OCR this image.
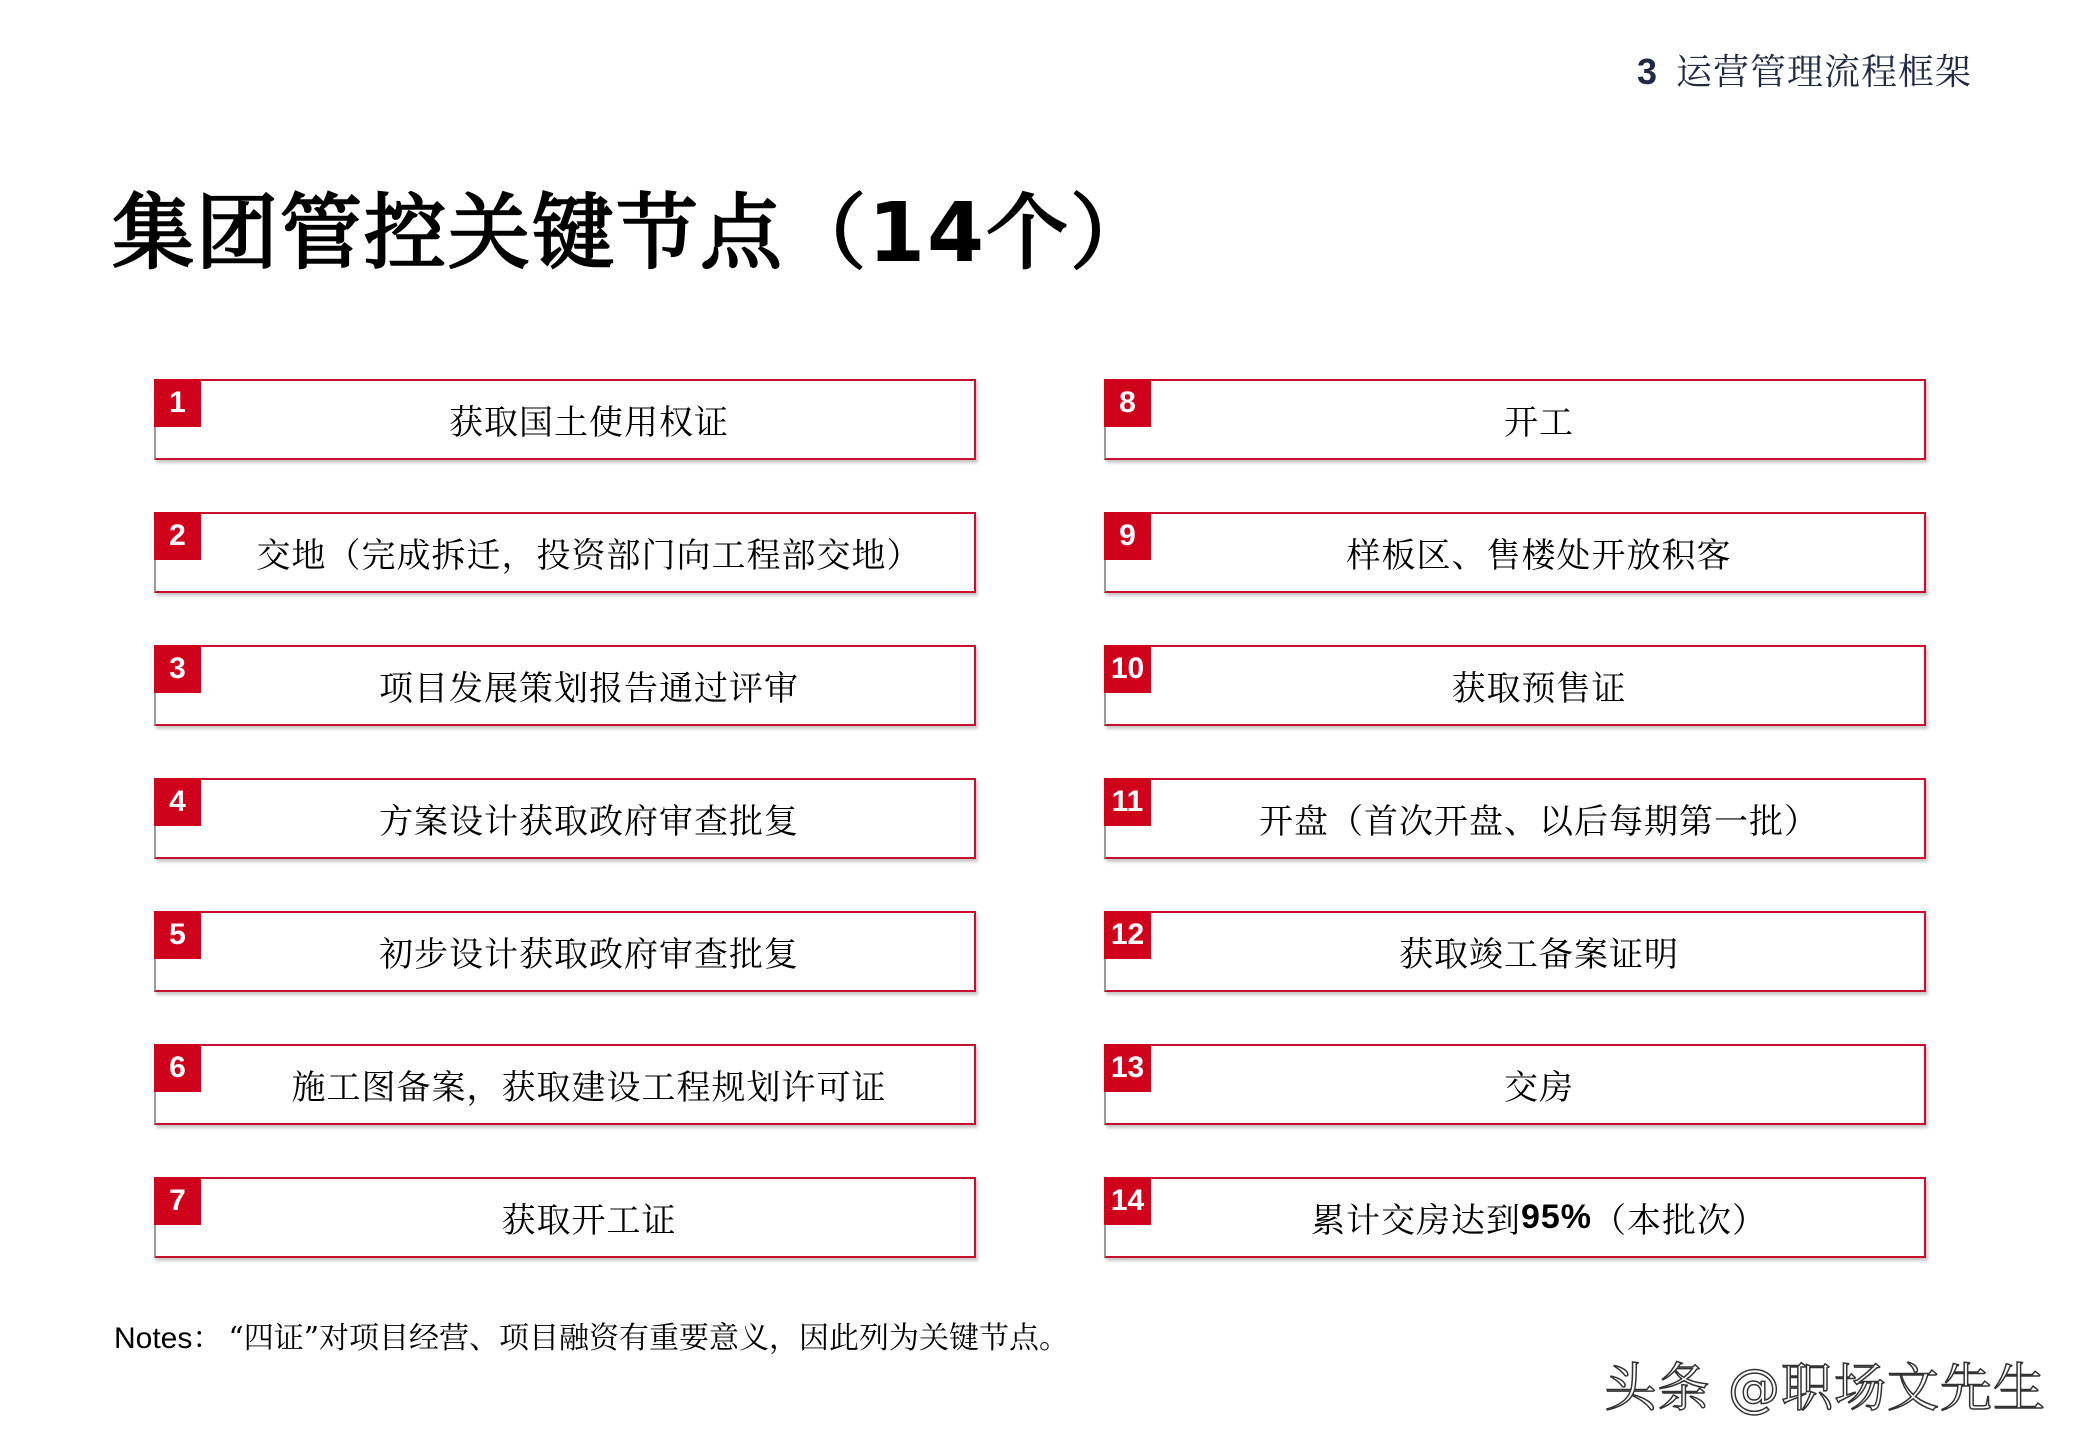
3 运营管理流程框架
集团管控关键节点（14个）
1
获取国土使用权证
2
交地（完成拆迁，投资部门向工程部交地）
3
项目发展策划报告通过评审
4
方案设计获取政府审查批复
5
初步设计获取政府审查批复
6
施工图备案，获取建设工程规划许可证
7
获取开工证
8
开工
9
样板区、售楼处开放积客
10
获取预售证
11
开盘（首次开盘、以后每期第一批）
12
获取竣工备案证明
13
交房
14
累计交房达到 95% （本批次）
Notes： “四证”对项目经营、项目融资有重要意义，因此列为关键节点。
头条 @职场文先生
